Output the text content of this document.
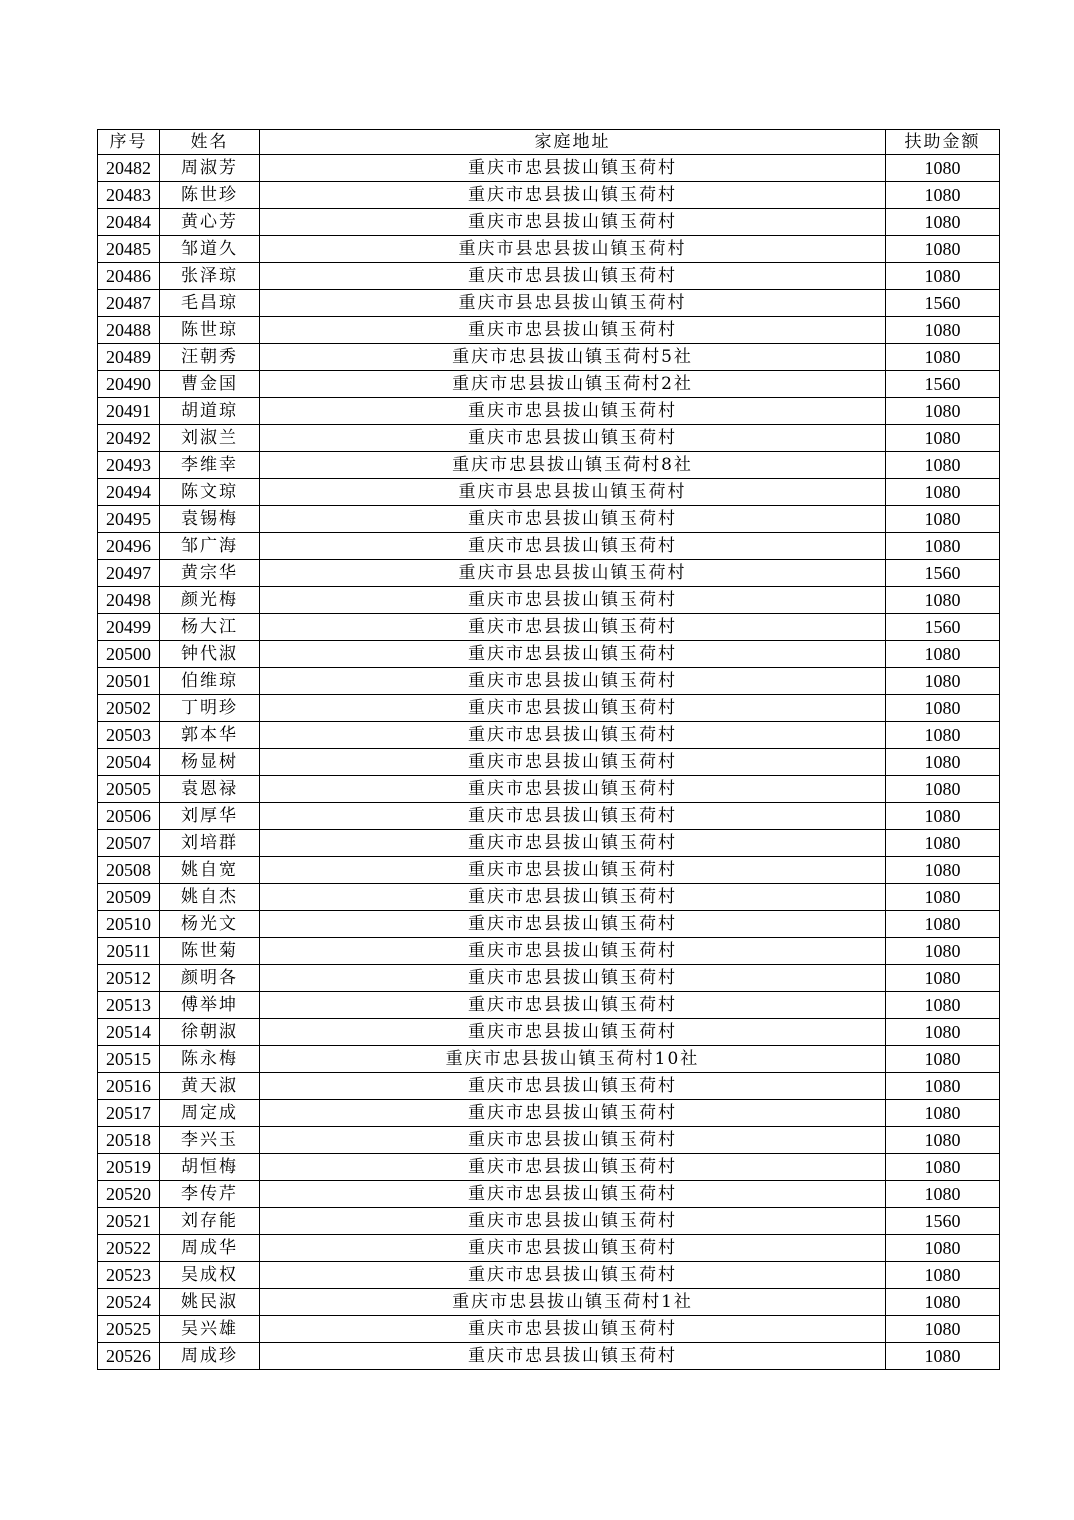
序号	姓名	家庭地址	扶助金额
20482	周淑芳	重庆市忠县拔山镇玉荷村	1080
20483	陈世珍	重庆市忠县拔山镇玉荷村	1080
20484	黄心芳	重庆市忠县拔山镇玉荷村	1080
20485	邹道久	重庆市县忠县拔山镇玉荷村	1080
20486	张泽琼	重庆市忠县拔山镇玉荷村	1080
20487	毛昌琼	重庆市县忠县拔山镇玉荷村	1560
20488	陈世琼	重庆市忠县拔山镇玉荷村	1080
20489	汪朝秀	重庆市忠县拔山镇玉荷村5社	1080
20490	曹金国	重庆市忠县拔山镇玉荷村2社	1560
20491	胡道琼	重庆市忠县拔山镇玉荷村	1080
20492	刘淑兰	重庆市忠县拔山镇玉荷村	1080
20493	李维幸	重庆市忠县拔山镇玉荷村8社	1080
20494	陈文琼	重庆市县忠县拔山镇玉荷村	1080
20495	袁锡梅	重庆市忠县拔山镇玉荷村	1080
20496	邹广海	重庆市忠县拔山镇玉荷村	1080
20497	黄宗华	重庆市县忠县拔山镇玉荷村	1560
20498	颜光梅	重庆市忠县拔山镇玉荷村	1080
20499	杨大江	重庆市忠县拔山镇玉荷村	1560
20500	钟代淑	重庆市忠县拔山镇玉荷村	1080
20501	伯维琼	重庆市忠县拔山镇玉荷村	1080
20502	丁明珍	重庆市忠县拔山镇玉荷村	1080
20503	郭本华	重庆市忠县拔山镇玉荷村	1080
20504	杨显树	重庆市忠县拔山镇玉荷村	1080
20505	袁恩禄	重庆市忠县拔山镇玉荷村	1080
20506	刘厚华	重庆市忠县拔山镇玉荷村	1080
20507	刘培群	重庆市忠县拔山镇玉荷村	1080
20508	姚自宽	重庆市忠县拔山镇玉荷村	1080
20509	姚自杰	重庆市忠县拔山镇玉荷村	1080
20510	杨光文	重庆市忠县拔山镇玉荷村	1080
20511	陈世菊	重庆市忠县拔山镇玉荷村	1080
20512	颜明各	重庆市忠县拔山镇玉荷村	1080
20513	傅举坤	重庆市忠县拔山镇玉荷村	1080
20514	徐朝淑	重庆市忠县拔山镇玉荷村	1080
20515	陈永梅	重庆市忠县拔山镇玉荷村10社	1080
20516	黄天淑	重庆市忠县拔山镇玉荷村	1080
20517	周定成	重庆市忠县拔山镇玉荷村	1080
20518	李兴玉	重庆市忠县拔山镇玉荷村	1080
20519	胡恒梅	重庆市忠县拔山镇玉荷村	1080
20520	李传芹	重庆市忠县拔山镇玉荷村	1080
20521	刘存能	重庆市忠县拔山镇玉荷村	1560
20522	周成华	重庆市忠县拔山镇玉荷村	1080
20523	吴成权	重庆市忠县拔山镇玉荷村	1080
20524	姚民淑	重庆市忠县拔山镇玉荷村1社	1080
20525	吴兴雄	重庆市忠县拔山镇玉荷村	1080
20526	周成珍	重庆市忠县拔山镇玉荷村	1080
